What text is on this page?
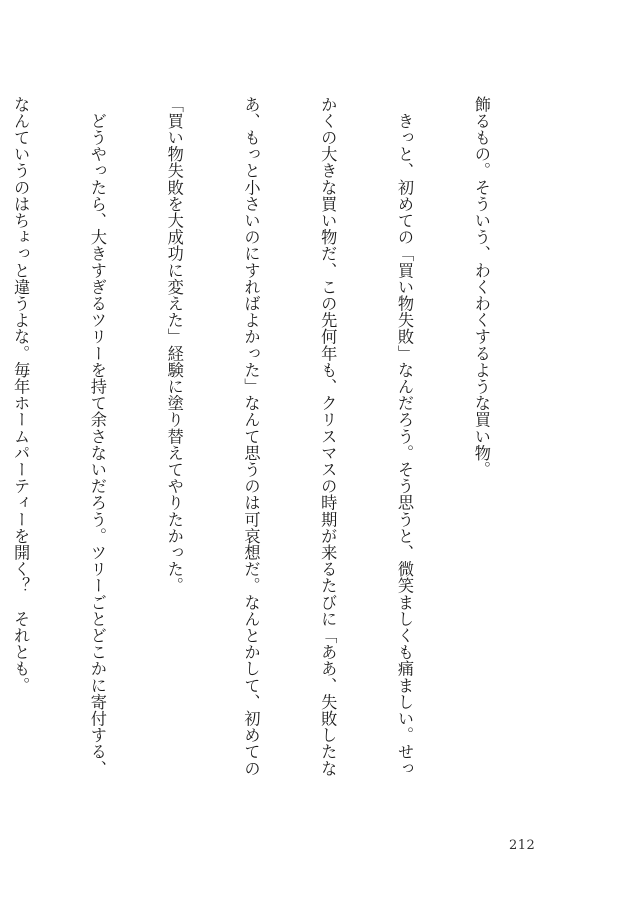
飾るもの。そういう、わくわくするような買い物。

　きっと、初めての「買い物失敗」なんだろう。そう思うと、微笑ましくも痛ましい。せっ

かくの大きな買い物だ、この先何年も、クリスマスの時期が来るたびに「ああ、失敗したな

あ、もっと小さいのにすればよかった」なんて思うのは可哀想だ。なんとかして、初めての

「買い物失敗を大成功に変えた」経験に塗り替えてやりたかった。

　どうやったら、大きすぎるツリーを持て余さないだろう。ツリーごとどこかに寄付する、

なんていうのはちょっと違うよな。毎年ホームパーティーを開く？　それとも。

212
